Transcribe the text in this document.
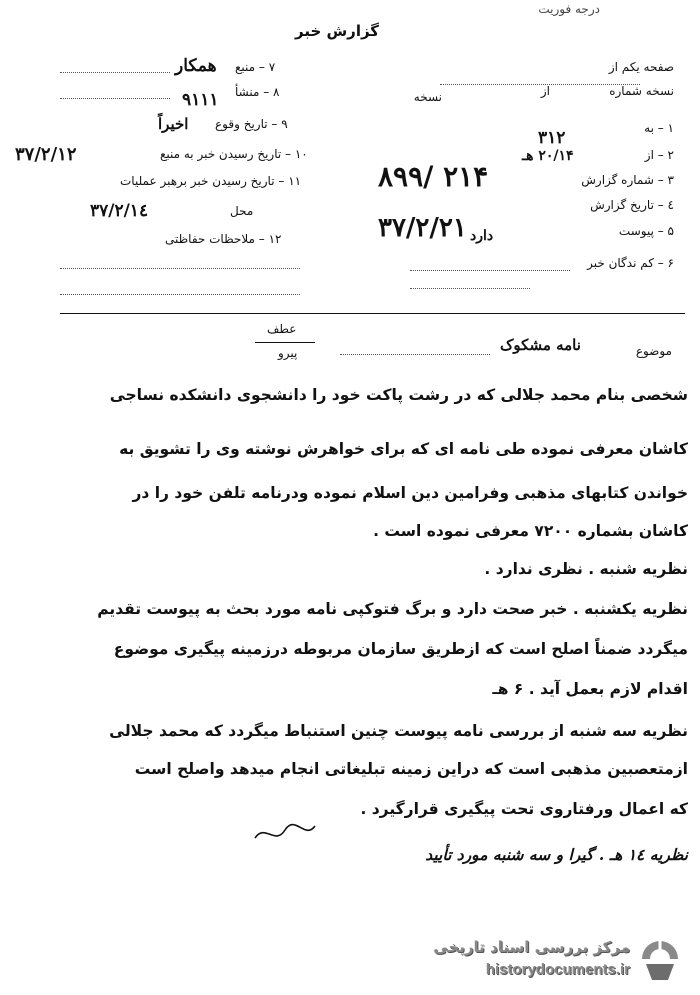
درجه فوریت
گزارش خبر
صفحه یکم از
نسخه شماره
از
نسخه
۱ – به
۳۱۲
۲ – از
۲۰/۱۴ هـ
۳ – شماره گزارش
۸۹۹/ ۲۱۴
٤ – تاریخ گزارش
۳۷/۲/۲۱	۵ – پیوست
دارد
۶ – کم ندگان خبر
۷ – منبع
همکار
۸ – منشأ
۹۱۱۱
۹ – تاریخ وقوع
اخیراً
۱۰ – تاریخ رسیدن خبر به منبع
۳۷/۲/۱۲
۱۱ – تاریخ رسیدن خبر برهبر عملیات
محل
۳۷/۲/۱٤
۱۲ – ملاحظات حفاظتی
عطف
پیرو	موضوع
نامه مشکوک
شخصی بنام محمد جلالی که در رشت پاکت خود را دانشجوی دانشکده نساجی
کاشان معرفی نموده طی نامه ای که برای خواهرش نوشته وی را تشویق به
خواندن کتابهای مذهبی وفرامین دین اسلام نموده ودرنامه تلفن خود را در
کاشان بشماره ۷۲۰۰ معرفی نموده است .
نظریه شنبه . نظری ندارد .
نظریه یکشنبه . خبر صحت دارد و برگ فتوکپی نامه مورد بحث به پیوست تقدیم
میگردد ضمناً اصلح است که ازطریق سازمان مربوطه درزمینه پیگیری موضوع
اقدام لازم بعمل آید . ۶ هـ
نظریه سه شنبه از بررسی نامه پیوست چنین استنباط میگردد که محمد جلالی
ازمتعصبین مذهبی است که دراین زمینه تبلیغاتی انجام میدهد واصلح است
که اعمال ورفتاروی تحت پیگیری قرارگیرد .
نظریه ۱٤ هـ . گیرا و سه شنبه مورد تأیید
مرکز بررسی اسناد تاریخی
historydocuments.ir
